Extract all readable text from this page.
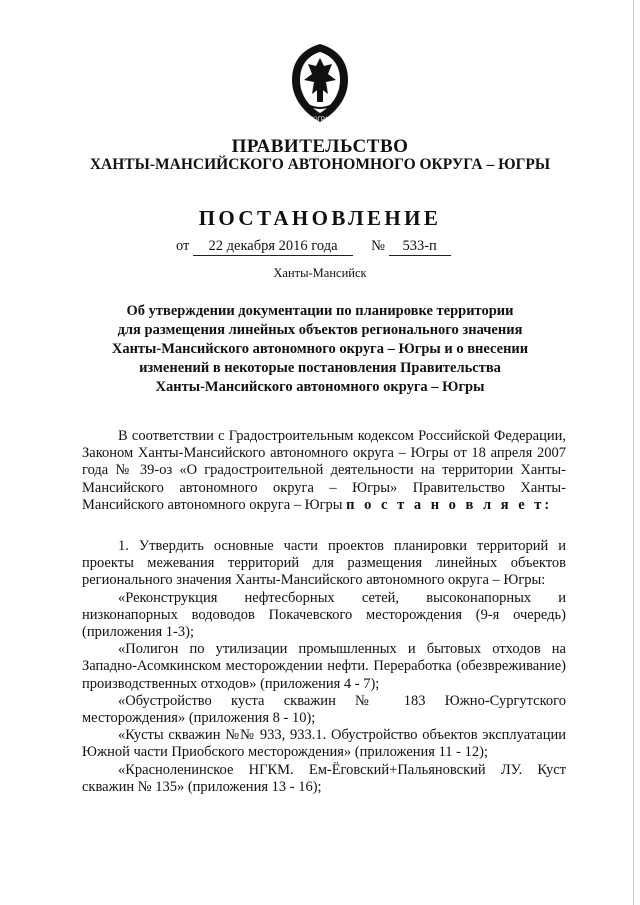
ЮГРА
ПРАВИТЕЛЬСТВО
ХАНТЫ-МАНСИЙСКОГО АВТОНОМНОГО ОКРУГА – ЮГРЫ
ПОСТАНОВЛЕНИЕ
от 22 декабря 2016 года № 533-п
Ханты-Мансийск
Об утверждении документации по планировке территории
для размещения линейных объектов регионального значения
Ханты-Мансийского автономного округа – Югры и о внесении
изменений в некоторые постановления Правительства
Ханты-Мансийского автономного округа – Югры

В соответствии с Градостроительным кодексом Российской Федерации, Законом Ханты-Мансийского автономного округа – Югры от 18 апреля 2007 года № 39-оз «О градостроительной деятельности на территории Ханты-Мансийского автономного округа – Югры» Правительство Ханты-Мансийского автономного округа – Югры п о с т а н о в л я е т:

1. Утвердить основные части проектов планировки территорий и проекты межевания территорий для размещения линейных объектов регионального значения Ханты-Мансийского автономного округа – Югры:

«Реконструкция нефтесборных сетей, высоконапорных и низконапорных водоводов Покачевского месторождения (9-я очередь) (приложения 1-3);

«Полигон по утилизации промышленных и бытовых отходов на Западно-Асомкинском месторождении нефти. Переработка (обезвреживание) производственных отходов» (приложения 4 - 7);

«Обустройство куста скважин № 183 Южно-Сургутского месторождения» (приложения 8 - 10);

«Кусты скважин №№ 933, 933.1. Обустройство объектов эксплуатации Южной части Приобского месторождения» (приложения 11 - 12);

«Красноленинское НГКМ. Ем-Ёговский+Пальяновский ЛУ. Куст скважин № 135» (приложения 13 - 16);
